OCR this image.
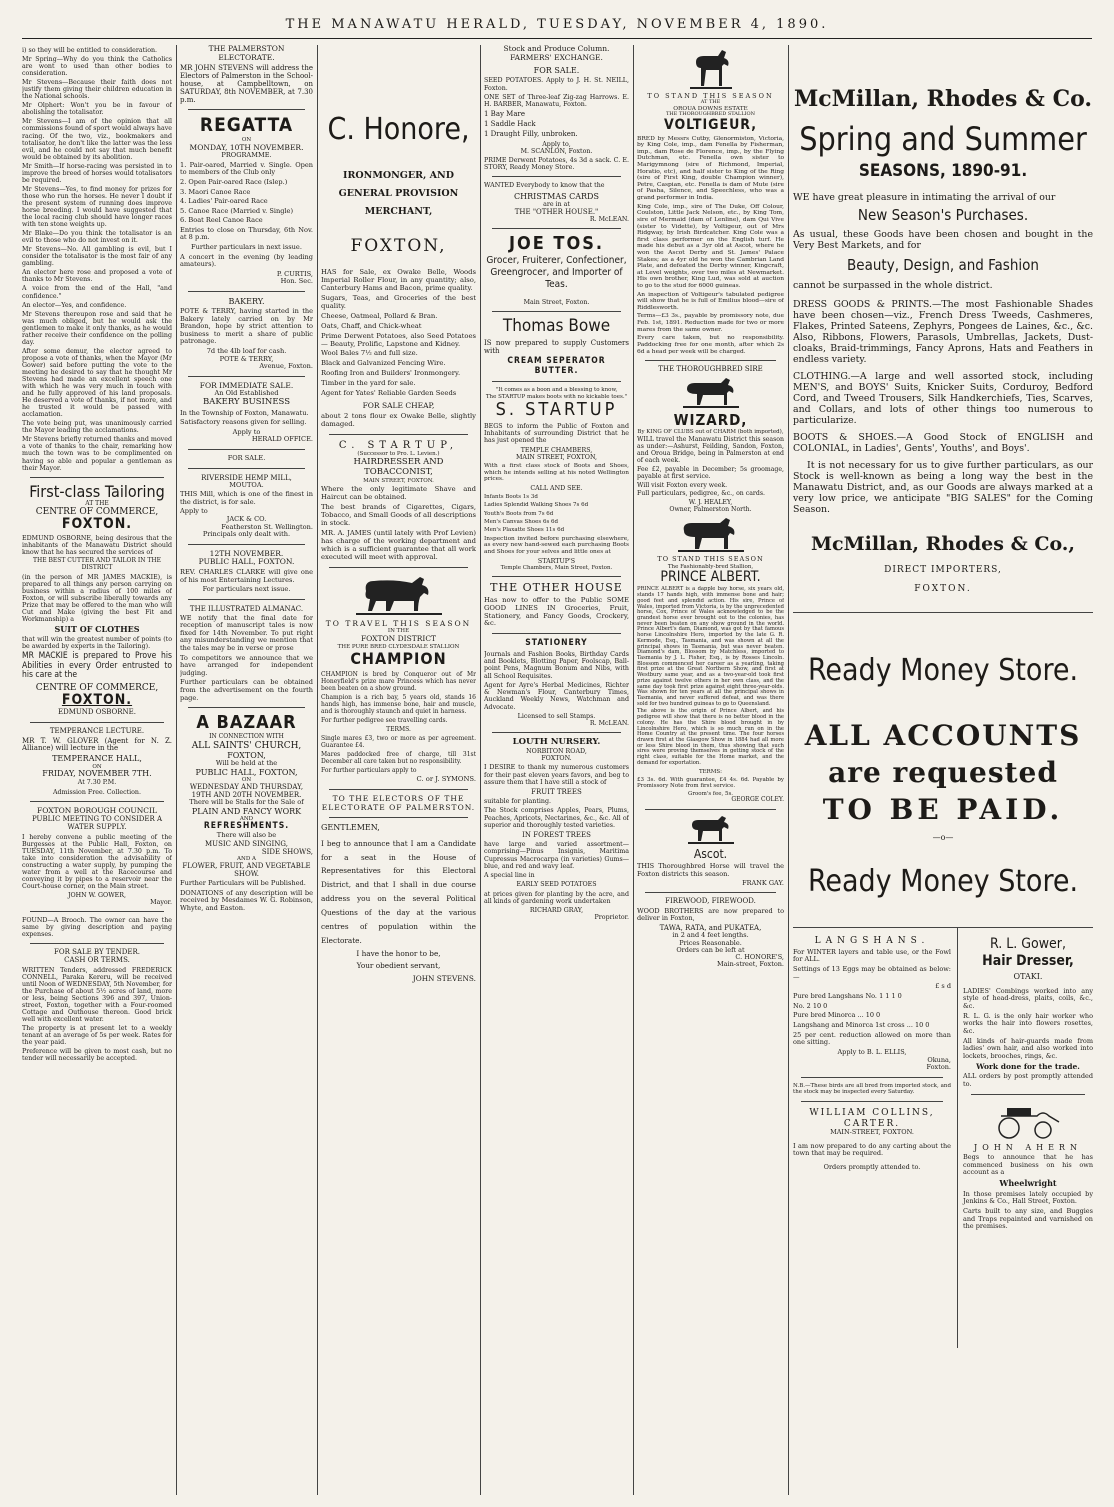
THE MANAWATU HERALD, TUESDAY, NOVEMBER 4, 1890.
i) so they will be entitled to consideration.
Mr Spring—Why do you think the Catholics are wont to used than other bodies to consideration.
Mr Stevens—Because their faith does not justify them giving their children education in the National schools.
Mr Olphert: Won't you be in favour of abolishing the totalisator.
Mr Stevens—I am of the opinion that all commissions found of sport would always have racing. Of the two, viz., bookmakers and totalisator, he don't like the latter was the less evil, and he could not say that much benefit would be obtained by its abolition.
Mr Smith—If horse-racing was persisted in to improve the breed of horses would totalisators be required.
Mr Stevens—Yes, to find money for prizes for those who run the horses. He never I doubt if the present system of running does improve horse breeding. I would have suggested that the local racing club should have longer races with ten stone weights up.
Mr Blake—Do you think the totalisator is an evil to those who do not invest on it.
Mr Stevens—No. All gambling is evil, but I consider the totalisator is the most fair of any gambling.
An elector here rose and proposed a vote of thanks to Mr Stevens.
A voice from the end of the Hall, "and confidence."
An elector—Yes, and confidence.
Mr Stevens thereupon rose and said that he was much obliged, but he would ask the gentlemen to make it only thanks, as he would rather receive their confidence on the polling day.
After some demur, the elector agreed to propose a vote of thanks, when the Mayor (Mr Gower) said before putting the vote to the meeting he desired to say that he thought Mr Stevens had made an excellent speech one with which he was very much in touch with and he fully approved of his land proposals. He deserved a vote of thanks, if not more, and he trusted it would be passed with acclamation.
The vote being put, was unanimously carried the Mayor leading the acclamations.
Mr Stevens briefly returned thanks and moved a vote of thanks to the chair, remarking how much the town was to be complimented on having so able and popular a gentleman as their Mayor.
First-class Tailoring
AT THE
CENTRE OF COMMERCE,
FOXTON.
EDMUND OSBORNE, being desirous that the inhabitants of the Manawatu District should know that he has secured the services of
THE BEST CUTTER AND TAILOR IN THE DISTRICT
(in the person of MR JAMES MACKIE), is prepared to all things any person carrying on business within a radius of 100 miles of Foxton, or will subscribe liberally towards any Prize that may be offered to the man who will Cut and Make (giving the best Fit and Workmanship) a
SUIT OF CLOTHES
that will win the greatest number of points (to be awarded by experts in the Tailoring).
MR MACKIE is prepared to Prove his Abilities in every Order entrusted to his care at the
CENTRE OF COMMERCE,
FOXTON.
EDMUND OSBORNE.
TEMPERANCE LECTURE.
MR T. W. GLOVER (Agent for N. Z. Alliance) will lecture in the
TEMPERANCE HALL,
ON
FRIDAY, NOVEMBER 7TH.
At 7.30 P.M.
Admission Free. Collection.
FOXTON BOROUGH COUNCIL
PUBLIC MEETING TO CONSIDER A WATER SUPPLY.
I hereby convene a public meeting of the Burgesses at the Public Hall, Foxton, on TUESDAY, 11th November, at 7.30 p.m. To take into consideration the advisability of constructing a water supply, by pumping the water from a well at the Racecourse and conveying it by pipes to a reservoir near the Court-house corner, on the Main street.
JOHN W. GOWER,
Mayor.
FOUND—A Brooch. The owner can have the same by giving description and paying expenses.
FOR SALE BY TENDER.
CASH OR TERMS.
WRITTEN Tenders, addressed FREDERICK CONNELL, Paraka Kereru, will be received until Noon of WEDNESDAY, 5th November, for the Purchase of about 5½ acres of land, more or less, being Sections 396 and 397, Union-street, Foxton, together with a Four-roomed Cottage and Outhouse thereon. Good brick well with excellent water.
The property is at present let to a weekly tenant at an average of 5s per week. Rates for the year paid.
Preference will be given to most cash, but no tender will necessarily be accepted.
THE PALMERSTON ELECTORATE.
MR JOHN STEVENS will address the Electors of Palmerston in the School-house, at Campbelltown, on SATURDAY, 8th NOVEMBER, at 7.30 p.m.
REGATTA
ON
MONDAY, 10TH NOVEMBER.
PROGRAMME.
1. Pair-oared, Married v. Single. Open to members of the Club only
2. Open Pair-oared Race (Islep.)
3. Maori Canoe Race
4. Ladies' Pair-oared Race
5. Canoe Race (Married v. Single)
6. Boat Reel Canoe Race
Entries to close on Thursday, 6th Nov. at 8 p.m.
Further particulars in next issue.
A concert in the evening (by leading amateurs).
P. CURTIS,
Hon. Sec.
BAKERY.
POTE & TERRY, having started in the Bakery lately carried on by Mr Brandon, hope by strict attention to business to merit a share of public patronage.
7d the 4lb loaf for cash.
POTE & TERRY,
Avenue, Foxton.
FOR IMMEDIATE SALE.
An Old Established
BAKERY BUSINESS
In the Township of Foxton, Manawatu.
Satisfactory reasons given for selling.
Apply to
HERALD OFFICE.
FOR SALE.
RIVERSIDE HEMP MILL,
MOUTOA.
THIS Mill, which is one of the finest in the district, is for sale.
Apply to
JACK & CO.
Featherston St. Wellington.
Principals only dealt with.
12TH NOVEMBER.
PUBLIC HALL, FOXTON.
REV. CHARLES CLARKE will give one of his most Entertaining Lectures.
For particulars next issue.
THE ILLUSTRATED ALMANAC.
WE notify that the final date for reception of manuscript tales is now fixed for 14th November. To put right any misunderstanding we mention that the tales may be in verse or prose
To competitors we announce that we have arranged for independent judging.
Further particulars can be obtained from the advertisement on the fourth page.
A BAZAAR
IN CONNECTION WITH
ALL SAINTS' CHURCH,
FOXTON,
Will be held at the
PUBLIC HALL, FOXTON,
ON
WEDNESDAY AND THURSDAY,
19TH AND 20TH NOVEMBER.
There will be Stalls for the Sale of
PLAIN AND FANCY WORK
AND
REFRESHMENTS.
There will also be
MUSIC AND SINGING,
SIDE SHOWS,
AND A
FLOWER, FRUIT, AND VEGETABLE SHOW.
Further Particulars will be Published.
DONATIONS of any description will be received by Mesdames W. G. Robinson, Whyte, and Easton.
C. Honore,
IRONMONGER, AND GENERAL PROVISION MERCHANT,
FOXTON,
HAS for Sale, ex Owake Belle, Woods Imperial Roller Flour, in any quantity; also, Canterbury Hams and Bacon, prime quality.
Sugars, Teas, and Groceries of the best quality.
Cheese, Oatmeal, Pollard & Bran.
Oats, Chaff, and Chick-wheat
Prime Derwent Potatoes, also Seed Potatoes — Beauty, Prolific, Lapstone and Kidney.
Wool Bales 7½ and full size.
Black and Galvanized Fencing Wire.
Roofing Iron and Builders' Ironmongery.
Timber in the yard for sale.
Agent for Yates' Reliable Garden Seeds
FOR SALE CHEAP,
about 2 tons flour ex Owake Belle, slightly damaged.
C. STARTUP,
(Successor to Pro. L. Levien.)
HAIRDRESSER AND TOBACCONIST,
MAIN STREET, FOXTON.
Where the only legitimate Shave and Haircut can be obtained.
The best brands of Cigarettes, Cigars, Tobacco, and Small Goods of all descriptions in stock.
MR. A. JAMES (until lately with Prof Levien) has charge of the working department and which is a sufficient guarantee that all work executed will meet with approval.
TO TRAVEL THIS SEASON
IN THE
FOXTON DISTRICT
THE PURE BRED CLYDESDALE STALLION
CHAMPION
CHAMPION is bred by Conqueror out of Mr Honeyfield's prize mare Princess which has never been beaten on a show ground.
Champion is a rich bay, 5 years old, stands 16 hands high, has immense bone, hair and muscle, and is thoroughly staunch and quiet in harness.
For further pedigree see travelling cards.
TERMS.
Single mares £3, two or more as per agreement. Guarantee £4.
Mares paddocked free of charge, till 31st December all care taken but no responsibility.
For further particulars apply to
C. or J. SYMONS.
TO THE ELECTORS OF THE ELECTORATE OF PALMERSTON.
GENTLEMEN,
I beg to announce that I am a Candidate for a seat in the House of Representatives for this Electoral District, and that I shall in due course address you on the several Political Questions of the day at the various centres of population within the Electorate.
I have the honor to be,
Your obedient servant,
JOHN STEVENS.
Stock and Produce Column.
FARMERS' EXCHANGE.
FOR SALE.
SEED POTATOES. Apply to J. H. St. NEILL, Foxton.
ONE SET of Three-leaf Zig-zag Harrows. E. H. BARBER, Manawatu, Foxton.
1 Bay Mare
1 Saddle Hack
1 Draught Filly, unbroken.
Apply to,
M. SCANLON, Foxton.
PRIME Derwent Potatoes, 4s 3d a sack. C. E. STORY, Ready Money Store.
WANTED Everybody to know that the
CHRISTMAS CARDS
are in at
THE "OTHER HOUSE."
R. McLEAN.
JOE TOS.
Grocer, Fruiterer, Confectioner, Greengrocer, and Importer of Teas.
Main Street, Foxton.
Thomas Bowe
IS now prepared to supply Customers with
CREAM SEPERATOR BUTTER.
"It comes as a boon and a blessing to know,
The STARTUP makes boots with no kickable toes."
S. STARTUP
BEGS to inform the Public of Foxton and Inhabitants of surrounding District that he has just opened the
TEMPLE CHAMBERS,
MAIN STREET, FOXTON,
With a first class stock of Boots and Shoes, which he intends selling at his noted Wellington prices.
CALL AND SEE.
Infants Boots 1s 3d
Ladies Splendid Walking Shoes 7s 6d
Youth's Boots from 7s 6d
Men's Canvas Shoes 6s 6d
Men's Plaxatte Shoes 11s 6d
Inspection invited before purchasing elsewhere, as every new hand-sewed each purchasing Boots and Shoes for your selves and little ones at
STARTUP'S
Temple Chambers, Main Street, Foxton.
THE OTHER HOUSE
Has now to offer to the Public SOME GOOD LINES IN Groceries, Fruit, Stationery, and Fancy Goods, Crockery, &c.
STATIONERY
Journals and Fashion Books, Birthday Cards and Booklets, Blotting Paper, Foolscap, Ball-point Pens, Magnum Bonum and Nibs, with all School Requisites.
Agent for Ayre's Herbal Medicines, Richter & Newman's Flour, Canterbury Times, Auckland Weekly News, Watchman and Advocate.
Licensed to sell Stamps.
R. McLEAN.
LOUTH NURSERY.
NORBITON ROAD,
FOXTON.
I DESIRE to thank my numerous customers for their past eleven years favors, and beg to assure them that I have still a stock of
FRUIT TREES
suitable for planting.
The Stock comprises Apples, Pears, Plums, Peaches, Apricots, Nectarines, &c., &c. All of superior and thoroughly tested varieties.
IN FOREST TREES
have large and varied assortment—comprising—Pinus Insignis, Maritima Cupressus Macrocarpa (in varieties) Gums—blue, and red and wavy leaf.
A special line in
EARLY SEED POTATOES
at prices given for planting by the acre, and all kinds of gardening work undertaken
RICHARD GRAY,
Proprietor.
TO STAND THIS SEASON
AT THE
OROUA DOWNS ESTATE
THE THOROUGHBRED STALLION
VOLTIGEUR,
BRED by Messrs Cutby, Glenormiston, Victoria, by King Cole, imp., dam Fenella by Fisherman, imp., dam Rose de Florence, imp., by the Flying Dutchman, etc. Fenella own sister to Marigymnong (sire of Richmond, Imperial, Horatio, etc), and half sister to King of the Ring (sire of First King, double Champion winner), Petre, Caspian, etc. Fenella is dam of Mute (sire of Pasha, Silence, and Speechless, who was a grand performer in India.
King Cole, imp., sire of The Duke, Off Colour, Coulston, Little Jack Nelson, etc., by King Tom, sire of Mermaid (dam of Lenline), dam Qui Vive (sister to Vidette), by Voltigeur, out of Mrs Ridgway, by Irish Birdcatcher. King Cole was a first class performer on the English turf. He made his debut as a 3yr old at Ascot, where he won the Ascot Derby and St. James' Palace Stakes; as a 4yr old he won the Cambrian Land Plate, and defeated the Derby winner, Kingcraft, at Level weights, over two miles at Newmarket. His own brother, King Lud, was sold at auction to go to the stud for 6000 guineas.
An inspection of Voltigeur's tabulated pedigree will show that he is full of Emilius blood—sire of Riddlesworth.
Terms—£3 3s., payable by promissory note, due Feb. 1st, 1891. Reduction made for two or more mares from the same owner.
Every care taken, but no responsibility. Paddocking free for one month, after which 2s 6d a head per week will be charged.
THE THOROUGHBRED SIRE
WIZARD,
By KING OF CLUBS out of CHARM (both imported),
WILL travel the Manawatu District this season as under:—Ashurst, Feilding, Sandon, Foxton, and Oroua Bridge, being in Palmerston at end of each week.
Fee £2, payable in December; 5s groomage, payable at first service.
Will visit Foxton every week.
Full particulars, pedigree, &c., on cards.
W. J. HEALEY,
Owner, Palmerston North.
TO STAND THIS SEASON
The Fashionably-bred Stallion,
PRINCE ALBERT.
PRINCE ALBERT is a dapple bay horse, six years old, stands 17 hands high, with immense bone and hair; good feet and splendid action. His sire, Prince of Wales, imported from Victoria, is by the unprecedented horse, Cox, Prince of Wales acknowledged to be the grandest horse ever brought out to the colonies, has never been beaten on any show ground in the world. Prince Albert's dam, Diamond, was got by that famous horse Lincolnshire Hero, imported by the late G. R. Kermode, Esq., Tasmania, and was shown at all the principal shows in Tasmania, but was never beaten. Diamond's dam, Blossom by Matchless, imported to Tasmania by J. L. Fisher, Esq., is by Rosses Lincoln. Blossom commenced her career as a yearling, taking first prize at the Great Northern Show, and first at Westbury same year, and as a two-year-old took first prize against twelve others in her own class, and the same day took first prize against eight three-year-olds. Was shown for ten years at all the principal shows in Tasmania, and never suffered defeat, and was there sold for two hundred guineas to go to Queensland.
The above is the origin of Prince Albert, and his pedigree will show that there is no better blood in the colony. He has the Shire blood brought in by Lincolnshire Hero, which is so much run on in the Home Country at the present time. The four horses drawn first at the Glasgow Show in 1884 had all more or less Shire blood in them, thus showing that such sires were proving themselves in getting stock of the right class, suitable for the Home market, and the demand for exportation.
TERMS:
£3 3s. 6d. With guarantee, £4 4s. 6d. Payable by Promissory Note from first service.
Groom's fee, 5s.
GEORGE COLEY.
Ascot.
THIS Thoroughbred Horse will travel the Foxton districts this season.
FRANK GAY.
FIREWOOD, FIREWOOD.
WOOD BROTHERS are now prepared to deliver in Foxton,
TAWA, RATA, and PUKATEA,
in 2 and 4 feet lengths.
Prices Reasonable.
Orders can be left at
C. HONORE'S,
Main-street, Foxton.
McMillan, Rhodes & Co.
Spring and Summer
SEASONS, 1890-91.
WE have great pleasure in intimating the arrival of our
New Season's Purchases.
As usual, these Goods have been chosen and bought in the Very Best Markets, and for
Beauty, Design, and Fashion
cannot be surpassed in the whole district.
DRESS GOODS & PRINTS.—The most Fashionable Shades have been chosen—viz., French Dress Tweeds, Cashmeres, Flakes, Printed Sateens, Zephyrs, Pongees de Laines, &c., &c. Also, Ribbons, Flowers, Parasols, Umbrellas, Jackets, Dust-cloaks, Braid-trimmings, Fancy Aprons, Hats and Feathers in endless variety.
CLOTHING.—A large and well assorted stock, including MEN'S, and BOYS' Suits, Knicker Suits, Corduroy, Bedford Cord, and Tweed Trousers, Silk Handkerchiefs, Ties, Scarves, and Collars, and lots of other things too numerous to particularize.
BOOTS & SHOES.—A Good Stock of ENGLISH and COLONIAL, in Ladies', Gents', Youths', and Boys'.
It is not necessary for us to give further particulars, as our Stock is well-known as being a long way the best in the Manawatu District, and, as our Goods are always marked at a very low price, we anticipate "BIG SALES" for the Coming Season.
McMillan, Rhodes & Co.,
DIRECT IMPORTERS,
FOXTON.
Ready Money Store.
ALL ACCOUNTS
are requested
TO BE PAID.
—o—
Ready Money Store.
LANGSHANS.
For WINTER layers and table use, or the Fowl for ALL.
Settings of 13 Eggs may be obtained as below:—
£ s d
Pure bred Langshans No. 1 1 1 0
No. 2 10 0
Pure bred Minorca ... 10 0
Langshang and Minorca 1st cross ... 10 0
25 per cent. reduction allowed on more than one sitting.
Apply to B. L. ELLIS,
Okuna,
Foxton.
N.B.—These birds are all bred from imported stock, and the stock may be inspected every Saturday.
WILLIAM COLLINS,
CARTER.
MAIN-STREET, FOXTON.
I am now prepared to do any carting about the town that may be required.
Orders promptly attended to.
R. L. Gower,
Hair Dresser,
OTAKI.
LADIES' Combings worked into any style of head-dress, plaits, coils, &c., &c.
R. L. G. is the only hair worker who works the hair into flowers rosettes, &c.
All kinds of hair-guards made from ladies' own hair, and also worked into lockets, brooches, rings, &c.
Work done for the trade.
ALL orders by post promptly attended to.
JOHN AHERN
Begs to announce that he has commenced business on his own account as a
Wheelwright
In those premises lately occupied by Jenkins & Co., Hall Street, Foxton.
Carts built to any size, and Buggies and Traps repainted and varnished on the premises.
